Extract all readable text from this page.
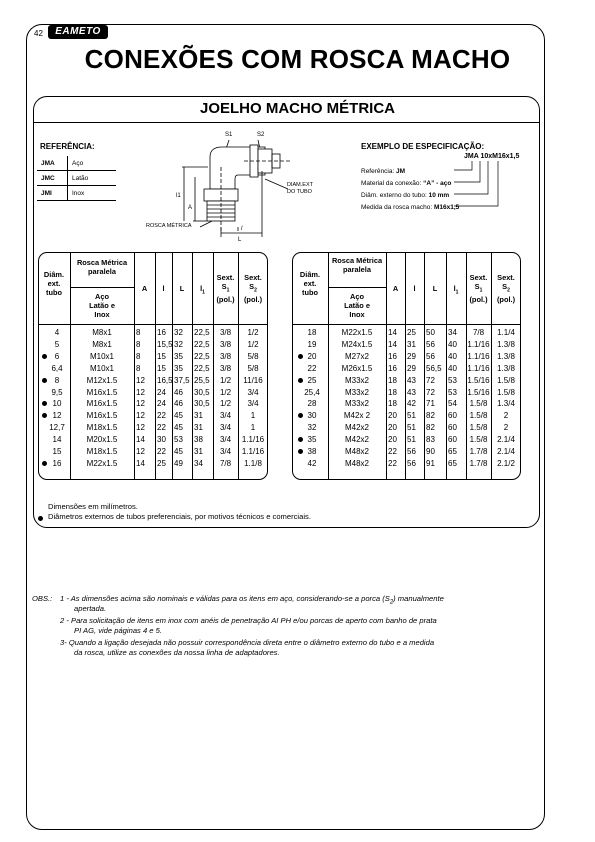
42	EAMETO
CONEXÕES COM ROSCA MACHO
JOELHO MACHO MÉTRICA
REFERÊNCIA:
JMA	Aço
JMC	Latão
JMI	Inox
S1	S2
l
L
l1
A
DIAM.EXT
DO TUBO
ROSCA MÉTRICA
EXEMPLO DE ESPECIFICAÇÃO:
JMA 10xM16x1,5
Referência: JM
Material da conexão: “A” - aço
Diâm. externo do tubo: 10 mm
Medida da rosca macho: M16x1,5
Diâm.
ext.
tubo
Rosca Métrica paralela
Aço
Latão e
Inox
A	l	L	$l_1$
Sext.
$S_1$
(pol.)
Sext.
$S_2$
(pol.)
4	M8x1	8 16 32 22,5	3/8	1/2
5	M8x1	8 15,5 32 22,5	3/8	1/2
6	M10x1	8 15 35 22,5	3/8	5/8
6,4	M10x1	8 15 35 22,5	3/8	5/8
8	M12x1.5	12 16,5 37,5 25,5	1/2	11/16
9,5	M16x1.5	12 24 46 30,5	1/2	3/4
10	M16x1.5	12 24 46 30,5	1/2	3/4
12	M16x1.5	12 22 45 31	3/4	1
12,7	M18x1.5	12 22 45 31	3/4	1
14	M20x1.5	14 30 53 38	3/4	1.1/16
15	M18x1.5	12 22 45 31	3/4	1.1/16
16	M22x1.5	14 25 49 34	7/8	1.1/8
Diâm.
ext.
tubo
Rosca Métrica paralela
Aço
Latão e
Inox
A	l	L	$l_1$
Sext.
$S_1$
(pol.)
Sext.
$S_2$
(pol.)
18	M22x1.5	14 25 50 34	7/8	1.1/4
19	M24x1.5	14 31 56 40 1.1/16 1.3/8
20	M27x2	16 29 56 40 1.1/16 1.3/8
22	M26x1.5	16 29 56,5 40 1.1/16 1.3/8
25	M33x2	18 43 72 53 1.5/16 1.5/8
25,4	M33x2	18 43 72 53 1.5/16 1.5/8
28	M33x2	18 42 71 54	1.5/8	1.3/4
30	M42x 2	20 51 82 60	1.5/8	2
32	M42x2	20 51 82 60	1.5/8	2
35	M42x2	20 51 83 60	1.5/8	2.1/4
38	M48x2	22 56 90 65	1.7/8	2.1/4
42	M48x2	22 56 91 65	1.7/8	2.1/2
Dimensões em milímetros.
Diâmetros externos de tubos preferenciais, por motivos técnicos e comerciais.
OBS.: 1 - As dimensões acima são nominais e válidas para os itens em aço, considerando-se a porca $(S_2)$ manualmente
apertada.
2 - Para solicitação de itens em inox com anéis de penetração AI PH e/ou porcas de aperto com banho de prata
PI AG, vide páginas 4 e 5.
3- Quando a ligação desejada não possuir correspondência direta entre o diâmetro externo do tubo e a medida
da rosca, utilize as conexões da nossa linha de adaptadores.
